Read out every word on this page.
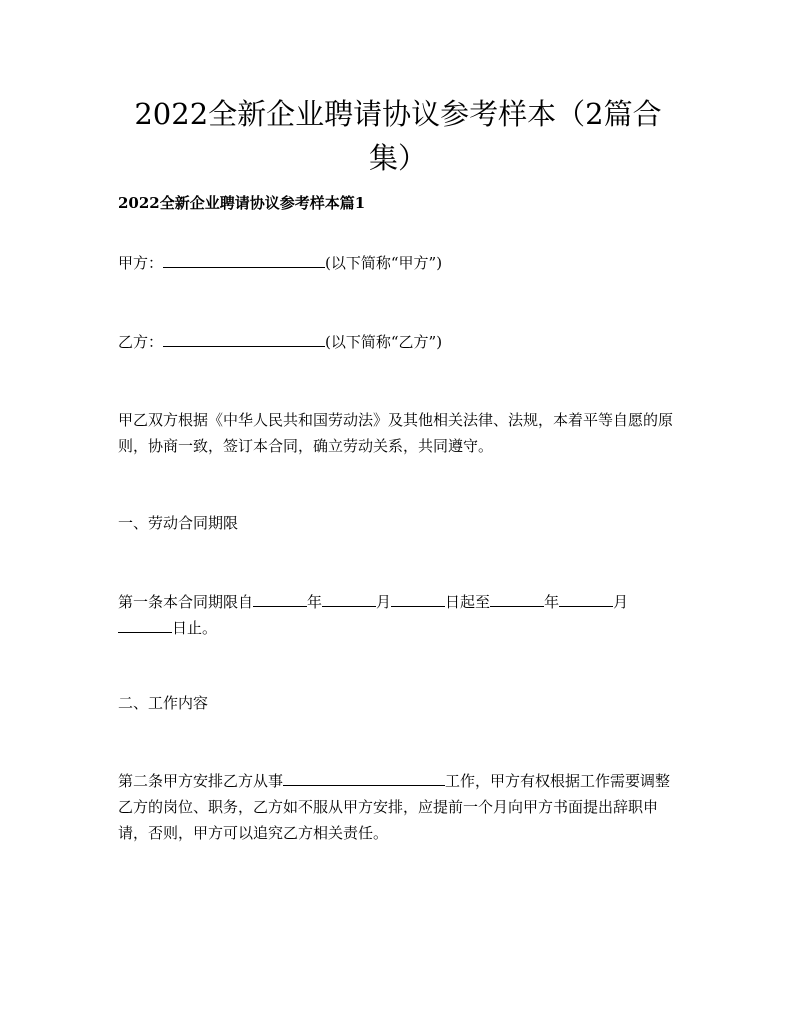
2022全新企业聘请协议参考样本（2篇合集）
2022全新企业聘请协议参考样本篇1
甲方：	(以下简称“甲方”)
乙方：	(以下简称“乙方”)
甲乙双方根据《中华人民共和国劳动法》及其他相关法律、法规，本着平等自愿的原则，协商一致，签订本合同，确立劳动关系，共同遵守。
一、劳动合同期限
第一条本合同期限自	年	月	日起至	年	月
日止。
二、工作内容
第二条甲方安排乙方从事	工作，甲方有权根据工作需要调整乙方的岗位、职务，乙方如不服从甲方安排，应提前一个月向甲方书面提出辞职申请，否则，甲方可以追究乙方相关责任。
